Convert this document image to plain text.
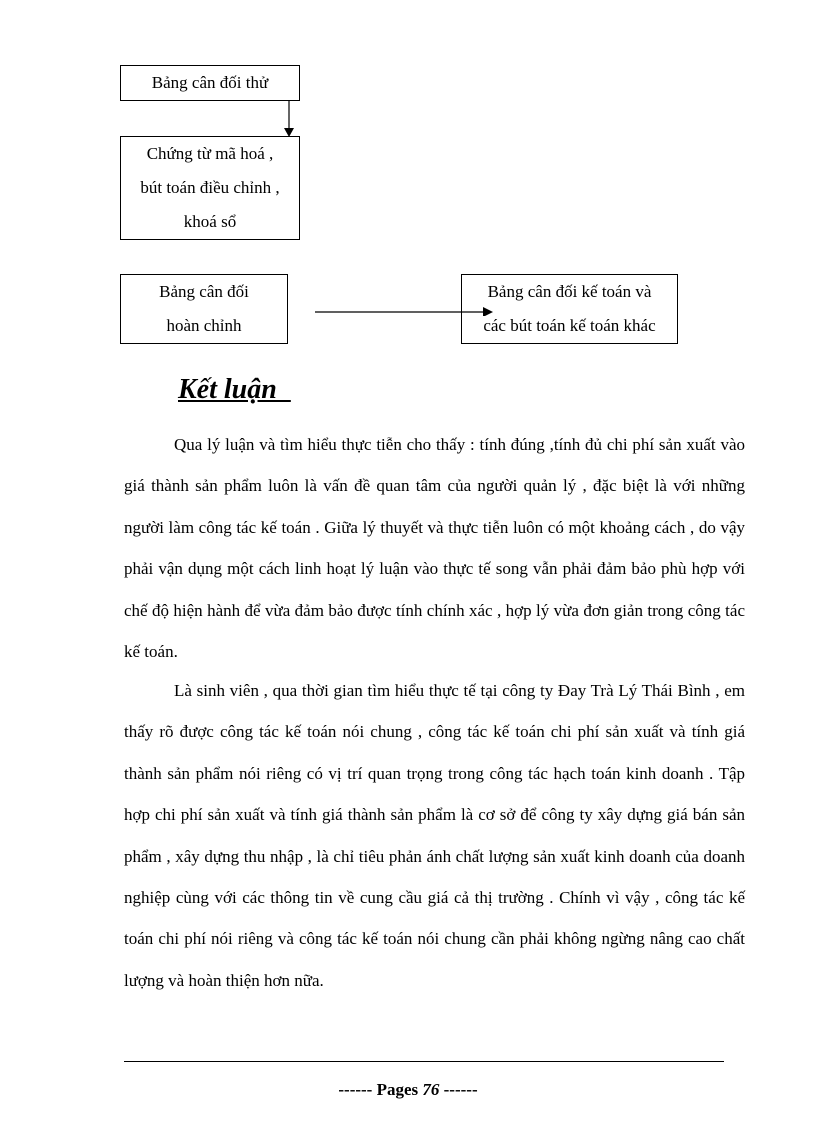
Bảng cân đối thử
Chứng từ mã hoá ,
bút toán điều chỉnh ,
khoá sổ
Bảng cân đối
hoàn chỉnh
Bảng cân đối kế toán và
các bút toán kế toán khác
Kết luận

Qua lý luận và tìm hiểu thực tiễn cho thấy : tính đúng ,tính đủ chi phí sản xuất vào giá thành sản phẩm luôn là vấn đề quan tâm của người quản lý , đặc biệt là với những người làm công tác kế toán . Giữa lý thuyết và thực tiễn luôn có một khoảng cách , do vậy phải vận dụng một cách linh hoạt lý luận vào thực tế song vẫn phải đảm bảo phù hợp với chế độ hiện hành để vừa đảm bảo được tính chính xác , hợp lý vừa đơn giản trong công tác kế toán.

Là sinh viên , qua thời gian tìm hiểu thực tế tại công ty Đay Trà Lý Thái Bình , em thấy rõ được công tác kế toán nói chung , công tác kế toán chi phí sản xuất và tính giá thành sản phẩm nói riêng có vị trí quan trọng trong công tác hạch toán kinh doanh . Tập hợp chi phí sản xuất và tính giá thành sản phẩm là cơ sở để công ty xây dựng giá bán sản phẩm , xây dựng thu nhập , là chỉ tiêu phản ánh chất lượng sản xuất kinh doanh của doanh nghiệp cùng với các thông tin về cung cầu giá cả thị trường . Chính vì vậy , công tác kế toán chi phí nói riêng và công tác kế toán nói chung cần phải không ngừng nâng cao chất lượng và hoàn thiện hơn nữa.

------ Pages 76 ------
